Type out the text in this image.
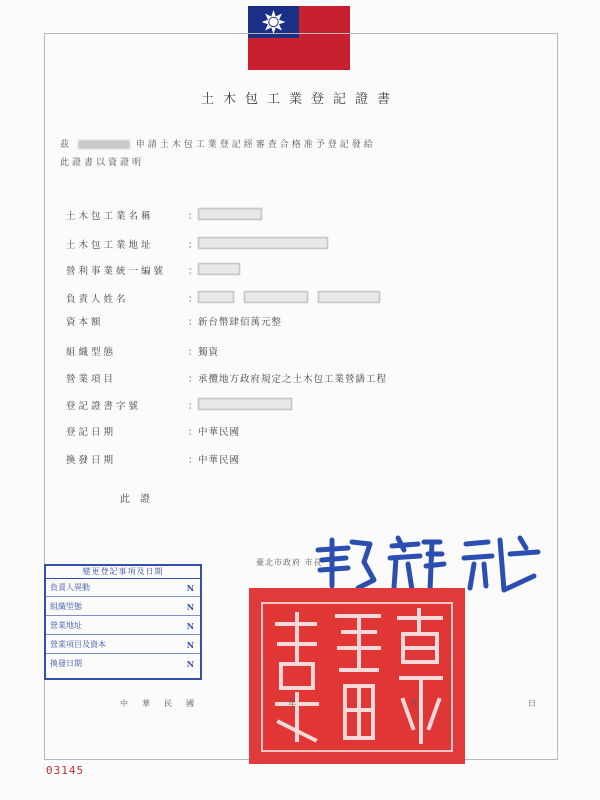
土木包工業登記證書
茲	申請土木包工業登記經審查合格准予登記發給
此證書以資證明
土木包工業名稱	：
土木包工業地址	：
營利事業統一編號	：
負責人姓名	：

資本額	： 新台幣肆佰萬元整
組織型態	： 獨資
營業項目	： 承攬地方政府規定之土木包工業營繕工程
登記證書字號	：
登記日期	： 中華民國
換發日期	： 中華民國
此證
臺北市政府 市長
變更登記事項及日期
負責人異動	N
組織型態	N
營業地址	N
營業項目及資本	N
換發日期	N
中 華 民 國	年	月	日
03145
